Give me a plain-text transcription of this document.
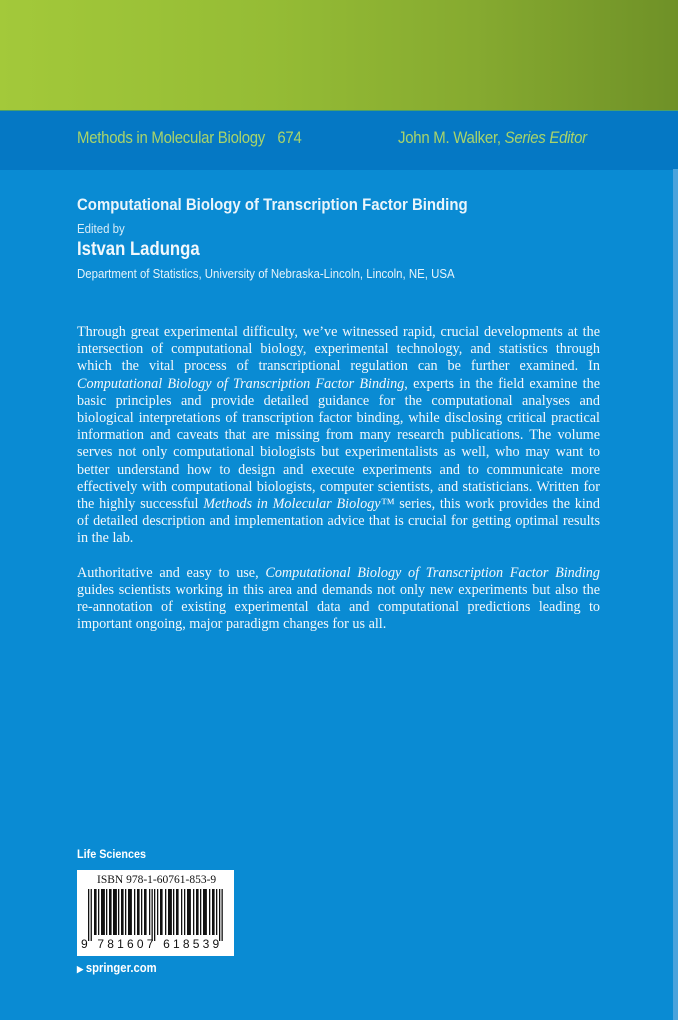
Methods in Molecular Biology 674	John M. Walker, Series Editor
Computational Biology of Transcription Factor Binding
Edited by
Istvan Ladunga
Department of Statistics, University of Nebraska-Lincoln, Lincoln, NE, USA

Through great experimental difficulty, we’ve witnessed rapid, crucial developments at the intersection of computational biology, experimental technology, and statistics through which the vital process of transcriptional regulation can be further examined. In Computational Biology of Transcription Factor Binding, experts in the field examine the basic principles and provide detailed guidance for the computational analyses and biological interpretations of transcription factor binding, while disclosing critical practical information and caveats that are missing from many research publications. The volume serves not only computational biologists but experimentalists as well, who may want to better understand how to design and execute experiments and to communicate more effectively with computational biologists, computer scientists, and statisticians. Written for the highly successful Methods in Molecular Biology™ series, this work provides the kind of detailed description and implementation advice that is crucial for getting optimal results in the lab.

Authoritative and easy to use, Computational Biology of Transcription Factor Binding guides scientists working in this area and demands not only new experiments but also the re-annotation of existing experimental data and computational predictions leading to important ongoing, major paradigm changes for us all.

Life Sciences
ISBN 978-1-60761-853-9
9 781607 618539
▶ springer.com
